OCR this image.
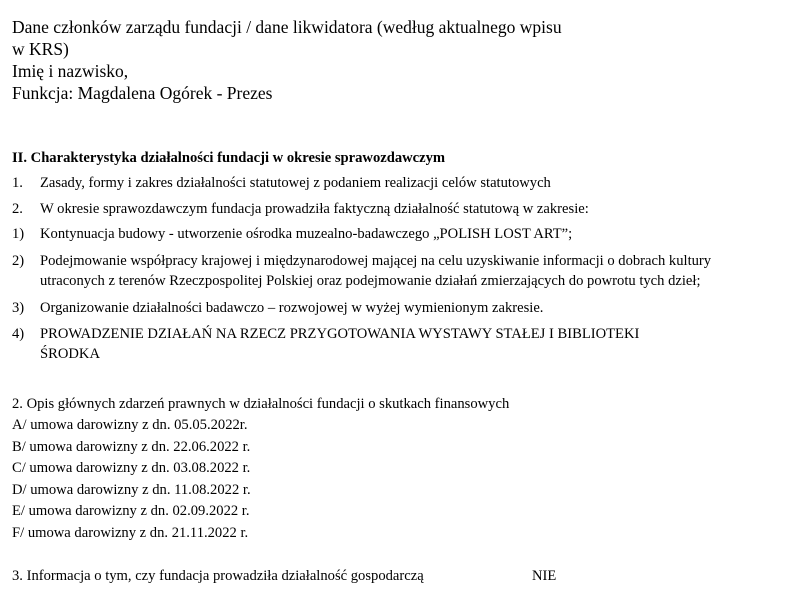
Dane członków zarządu fundacji / dane likwidatora (według aktualnego wpisu
w KRS)
Imię i nazwisko,
Funkcja: Magdalena Ogórek - Prezes
II. Charakterystyka działalności fundacji w okresie sprawozdawczym
1. Zasady, formy i zakres działalności statutowej z podaniem realizacji celów statutowych
2. W okresie sprawozdawczym fundacja prowadziła faktyczną działalność statutową w zakresie:
1) Kontynuacja budowy - utworzenie ośrodka muzealno-badawczego „POLISH LOST ART”;
2) Podejmowanie współpracy krajowej i międzynarodowej mającej na celu uzyskiwanie informacji o dobrach kultury
utraconych z terenów Rzeczpospolitej Polskiej oraz podejmowanie działań zmierzających do powrotu tych dzieł;
3) Organizowanie działalności badawczo – rozwojowej w wyżej wymienionym zakresie.
4) PROWADZENIE DZIAŁAŃ NA RZECZ PRZYGOTOWANIA WYSTAWY STAŁEJ I BIBLIOTEKI
ŚRODKA
2. Opis głównych zdarzeń prawnych w działalności fundacji o skutkach finansowych
A/ umowa darowizny z dn. 05.05.2022r.
B/ umowa darowizny z dn. 22.06.2022 r.
C/ umowa darowizny z dn. 03.08.2022 r.
D/ umowa darowizny z dn. 11.08.2022 r.
E/ umowa darowizny z dn. 02.09.2022 r.
F/ umowa darowizny z dn. 21.11.2022 r.
3. Informacja o tym, czy fundacja prowadziła działalność gospodarczą	NIE
